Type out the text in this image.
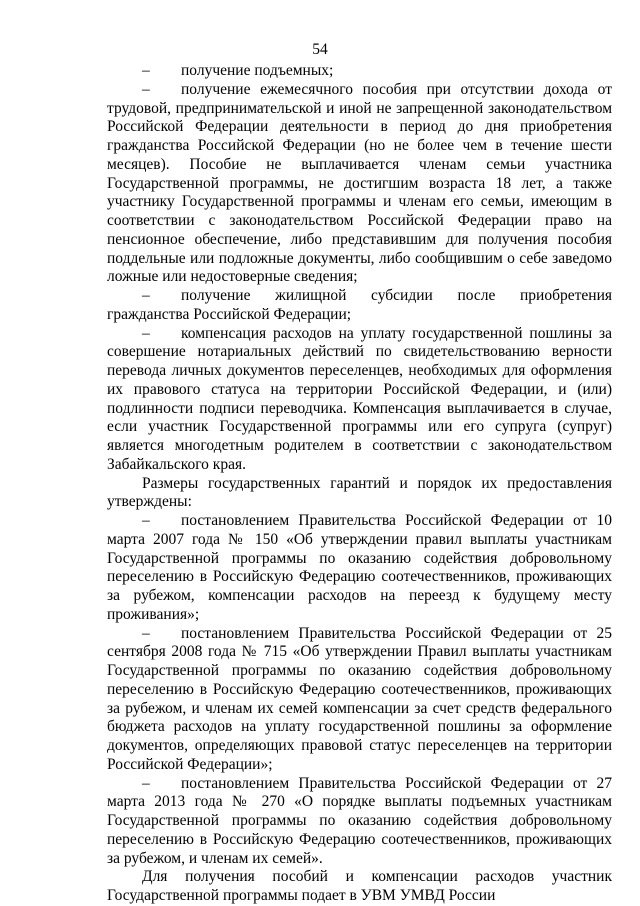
54

– получение подъемных;

– получение ежемесячного пособия при отсутствии дохода от трудовой, предпринимательской и иной не запрещенной законодательством Российской Федерации деятельности в период до дня приобретения гражданства Российской Федерации (но не более чем в течение шести месяцев). Пособие не выплачивается членам семьи участника Государственной программы, не достигшим возраста 18 лет, а также участнику Государственной программы и членам его семьи, имеющим в соответствии с законодательством Российской Федерации право на пенсионное обеспечение, либо представившим для получения пособия поддельные или подложные документы, либо сообщившим о себе заведомо ложные или недостоверные сведения;

– получение жилищной субсидии после приобретения гражданства Российской Федерации;

– компенсация расходов на уплату государственной пошлины за совершение нотариальных действий по свидетельствованию верности перевода личных документов переселенцев, необходимых для оформления их правового статуса на территории Российской Федерации, и (или) подлинности подписи переводчика. Компенсация выплачивается в случае, если участник Государственной программы или его супруга (супруг) является многодетным родителем в соответствии с законодательством Забайкальского края.

Размеры государственных гарантий и порядок их предоставления утверждены:

– постановлением Правительства Российской Федерации от 10 марта 2007 года № 150 «Об утверждении правил выплаты участникам Государственной программы по оказанию содействия добровольному переселению в Российскую Федерацию соотечественников, проживающих за рубежом, компенсации расходов на переезд к будущему месту проживания»;

– постановлением Правительства Российской Федерации от 25 сентября 2008 года № 715 «Об утверждении Правил выплаты участникам Государственной программы по оказанию содействия добровольному переселению в Российскую Федерацию соотечественников, проживающих за рубежом, и членам их семей компенсации за счет средств федерального бюджета расходов на уплату государственной пошлины за оформление документов, определяющих правовой статус переселенцев на территории Российской Федерации»;

– постановлением Правительства Российской Федерации от 27 марта 2013 года № 270 «О порядке выплаты подъемных участникам Государственной программы по оказанию содействия добровольному переселению в Российскую Федерацию соотечественников, проживающих за рубежом, и членам их семей».

Для получения пособий и компенсации расходов участник Государственной программы подает в УВМ УМВД России
